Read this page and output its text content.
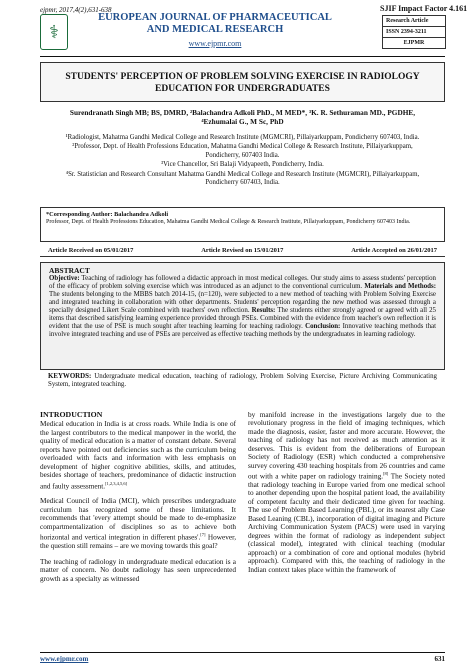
ejpmr, 2017,4(2),631-638
⚕
EUROPEAN JOURNAL OF PHARMACEUTICAL
AND MEDICAL RESEARCH
www.ejpmr.com
SJIF Impact Factor 4.161
Research Article
ISSN 2394-3211
EJPMR
STUDENTS' PERCEPTION OF PROBLEM SOLVING EXERCISE IN RADIOLOGY
EDUCATION FOR UNDERGRADUATES
Surendranath Singh MB; BS, DMRD, ²Balachandra Adkoli PhD., M MED*, ³K. R. Sethuraman MD., PGDHE,
⁴Ezhumalai G., M Sc, PhD

¹Radiologist, Mahatma Gandhi Medical College and Research Institute (MGMCRI), Pillaiyarkuppam, Pondicherry 607403, India.

²Professor, Dept. of Health Professions Education, Mahatma Gandhi Medical College & Research Institute, Pillaiyarkuppam, Pondicherry, 607403 India.

³Vice Chancellor, Sri Balaji Vidyapeeth, Pondicherry, India.

⁴Sr. Statistician and Research Consultant Mahatma Gandhi Medical College and Research Institute (MGMCRI), Pillaiyarkuppam, Pondicherry 607403, India.

*Corresponding Author: Balachandra Adkoli
Professor, Dept. of Health Professions Education, Mahatma Gandhi Medical College & Research Institute, Pillaiyarkuppam, Pondicherry 607403 India.
Article Received on 05/01/2017	Article Revised on 15/01/2017	Article Accepted on 26/01/2017
ABSTRACT
Objective: Teaching of radiology has followed a didactic approach in most medical colleges. Our study aims to assess students' perception of the efficacy of problem solving exercise which was introduced as an adjunct to the conventional curriculum. Materials and Methods: The students belonging to the MBBS batch 2014-15, (n=120), were subjected to a new method of teaching with Problem Solving Exercise and integrated teaching in collaboration with other departments. Students' perception regarding the new method was assessed through a specially designed Likert Scale combined with teachers' own reflection. Results: The students either strongly agreed or agreed with all 25 items that described satisfying learning experience provided through PSEs. Combined with the evidence from teacher's own reflection it is evident that the use of PSE is much sought after teaching learning for teaching radiology. Conclusion: Innovative teaching methods that involve integrated teaching and use of PSEs are perceived as effective teaching methods by the undergraduates in learning radiology.
KEYWORDS: Undergraduate medical education, teaching of radiology, Problem Solving Exercise, Picture Archiving Communicating System, integrated teaching.
INTRODUCTION

Medical education in India is at cross roads. While India is one of the largest contributors to the medical manpower in the world, the quality of medical education is a matter of constant debate. Several reports have pointed out deficiencies such as the curriculum being overloaded with facts and information with less emphasis on development of higher cognitive abilities, skills, and attitudes, besides shortage of teachers, predominance of didactic instruction and faulty assessment.[1,2,3,4,5,6]

Medical Council of India (MCI), which prescribes undergraduate curriculum has recognized some of these limitations. It recommends that 'every attempt should be made to de-emphasize compartmentalization of disciplines so as to achieve both horizontal and vertical integration in different phases'.[7] However, the question still remains – are we moving towards this goal?

The teaching of radiology in undergraduate medical education is a matter of concern. No doubt radiology has seen unprecedented growth as a specialty as witnessed

by manifold increase in the investigations largely due to the revolutionary progress in the field of imaging techniques, which made the diagnosis, easier, faster and more accurate. However, the teaching of radiology has not received as much attention as it deserves. This is evident from the deliberations of European Society of Radiology (ESR) which conducted a comprehensive survey covering 430 teaching hospitals from 26 countries and came out with a white paper on radiology training.[8] The Society noted that radiology teaching in Europe varied from one medical school to another depending upon the hospital patient load, the availability of competent faculty and their dedicated time given for teaching. The use of Problem Based Learning (PBL), or its nearest ally Case Based Leaning (CBL), incorporation of digital imaging and Picture Archiving Communication System (PACS) were used in varying degrees within the format of radiology as independent subject (classical model), integrated with clinical teaching (modular approach) or a combination of core and optional modules (hybrid approach). Compared with this, the teaching of radiology in the Indian context takes place within the framework of

www.ejpmr.com	631
